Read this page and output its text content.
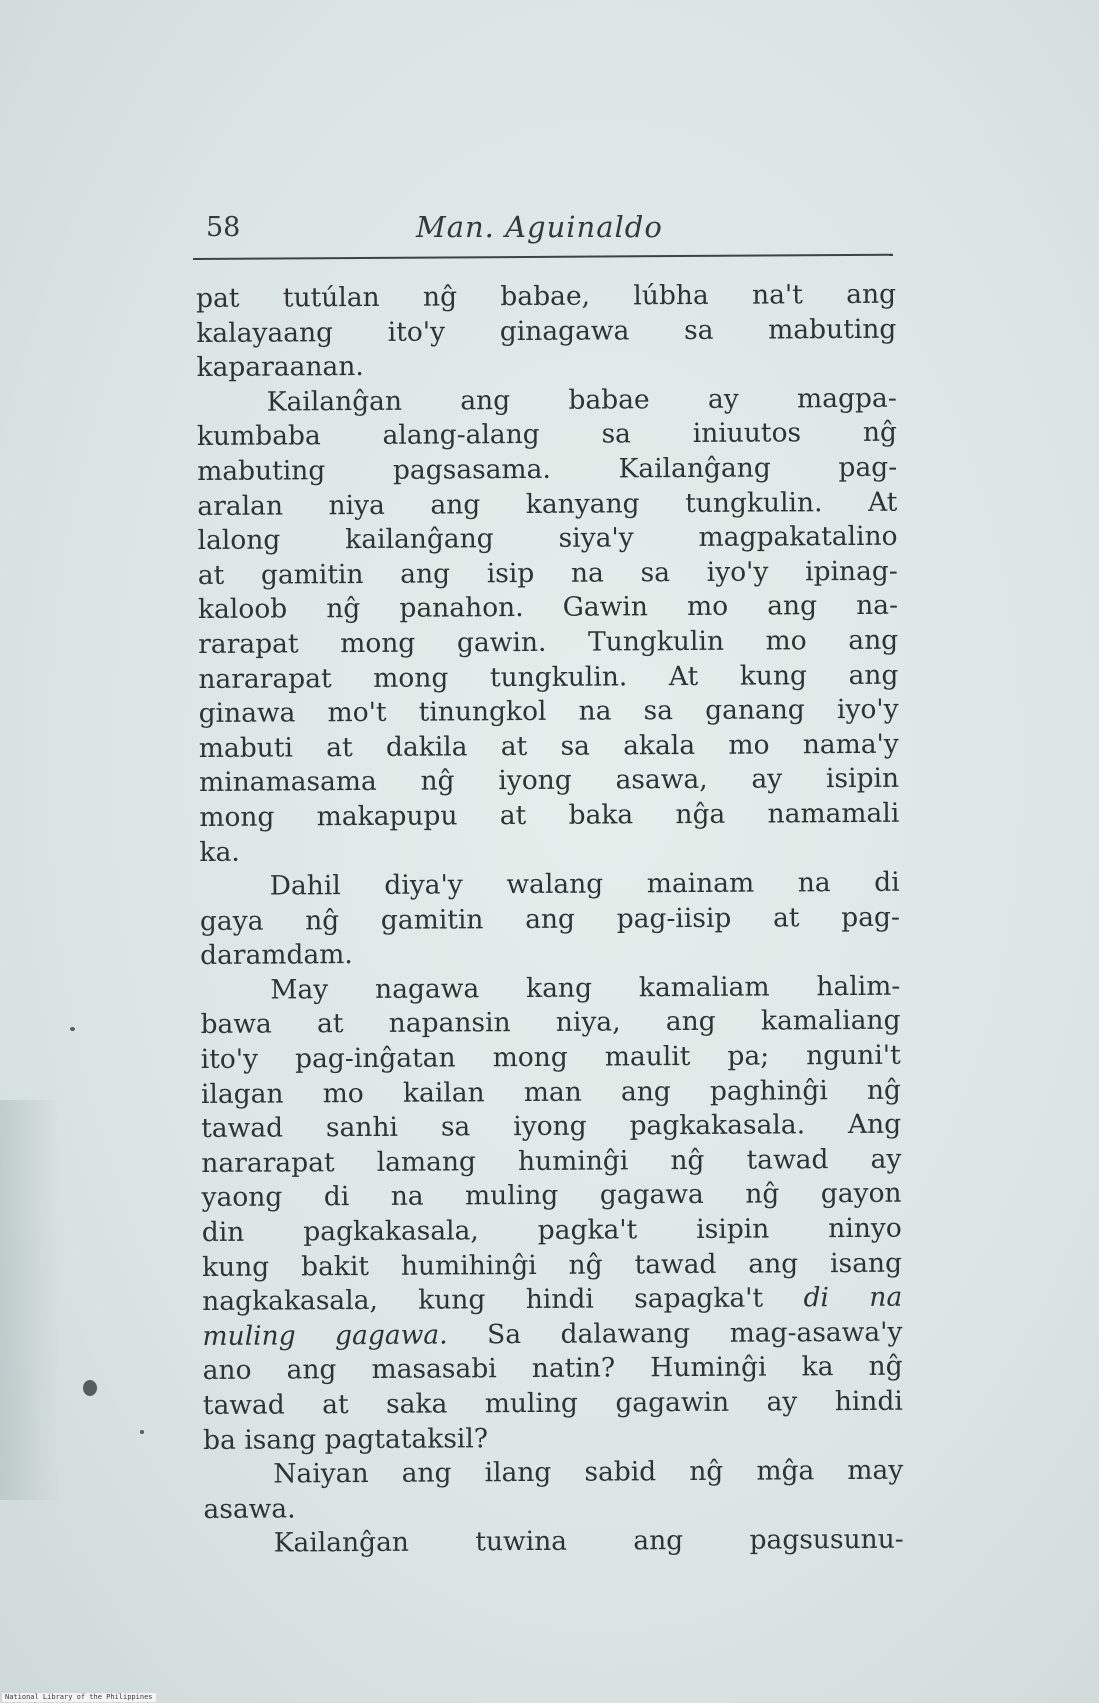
58	Man. Aguinaldo
pat tutúlan nĝ babae, lúbha na't ang
kalayaang ito'y ginagawa sa mabuting
kaparaanan.
Kailanĝan ang babae ay magpa-
kumbaba alang-alang sa iniuutos nĝ
mabuting pagsasama. Kailanĝang pag-
aralan niya ang kanyang tungkulin. At
lalong kailanĝang siya'y magpakatalino
at gamitin ang isip na sa iyo'y ipinag-
kaloob nĝ panahon. Gawin mo ang na-
rarapat mong gawin. Tungkulin mo ang
nararapat mong tungkulin. At kung ang
ginawa mo't tinungkol na sa ganang iyo'y
mabuti at dakila at sa akala mo nama'y
minamasama nĝ iyong asawa, ay isipin
mong makapupu at baka nĝa namamali
ka.
Dahil diya'y walang mainam na di
gaya nĝ gamitin ang pag-iisip at pag-
daramdam.
May nagawa kang kamaliam halim-
bawa at napansin niya, ang kamaliang
ito'y pag-inĝatan mong maulit pa; nguni't
ilagan mo kailan man ang paghinĝi nĝ
tawad sanhi sa iyong pagkakasala. Ang
nararapat lamang huminĝi nĝ tawad ay
yaong di na muling gagawa nĝ gayon
din pagkakasala, pagka't isipin ninyo
kung bakit humihinĝi nĝ tawad ang isang
nagkakasala, kung hindi sapagka't di na
muling gagawa. Sa dalawang mag-asawa'y
ano ang masasabi natin? Huminĝi ka nĝ
tawad at saka muling gagawin ay hindi
ba isang pagtataksil?
Naiyan ang ilang sabid nĝ mĝa may
asawa.
Kailanĝan tuwina ang pagsusunu-
National Library of the Philippines
